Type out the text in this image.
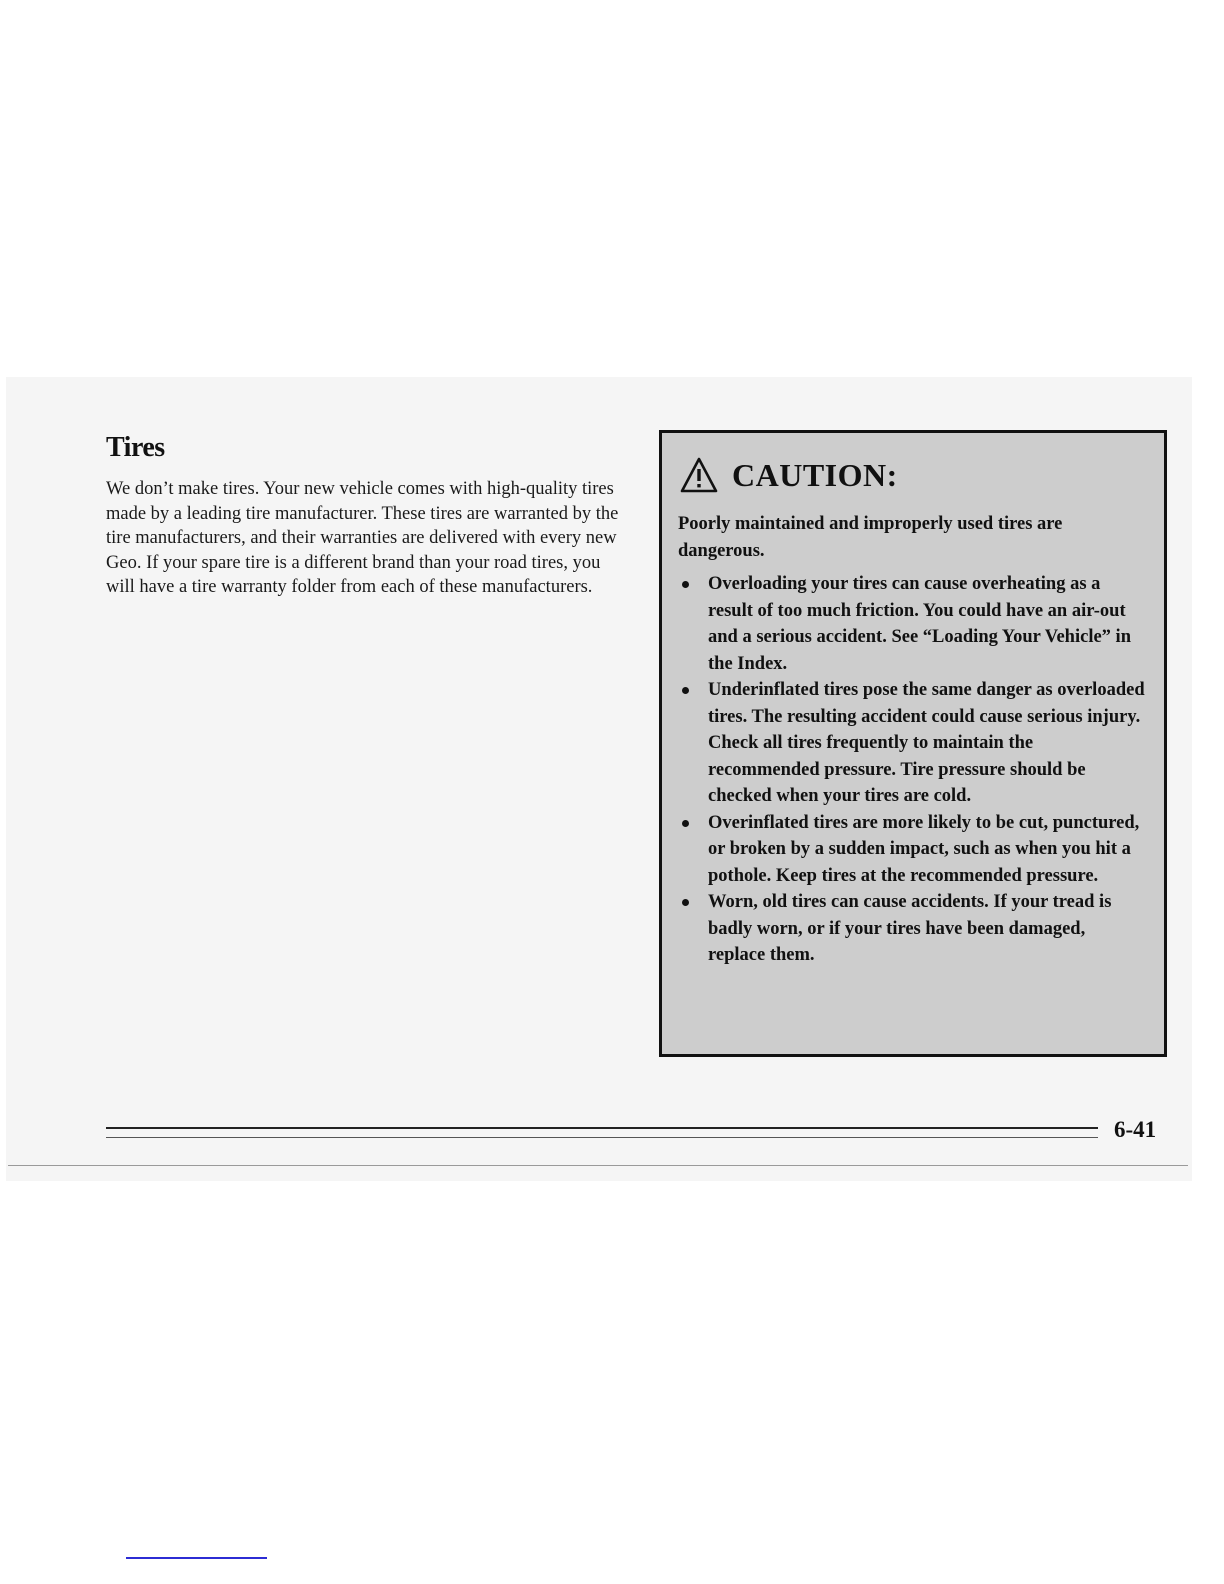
Tires

We don’t make tires. Your new vehicle comes with high-quality tires made by a leading tire manufacturer. These tires are warranted by the tire manufacturers, and their warranties are delivered with every new Geo. If your spare tire is a different brand than your road tires, you will have a tire warranty folder from each of these manufacturers.

CAUTION:

Poorly maintained and improperly used tires are dangerous.

Overloading your tires can cause overheating as a result of too much friction. You could have an air-out and a serious accident. See “Loading Your Vehicle” in the Index.
Underinflated tires pose the same danger as overloaded tires. The resulting accident could cause serious injury. Check all tires frequently to maintain the recommended pressure. Tire pressure should be checked when your tires are cold.
Overinflated tires are more likely to be cut, punctured, or broken by a sudden impact, such as when you hit a pothole. Keep tires at the recommended pressure.
Worn, old tires can cause accidents. If your tread is badly worn, or if your tires have been damaged, replace them.

6-41
